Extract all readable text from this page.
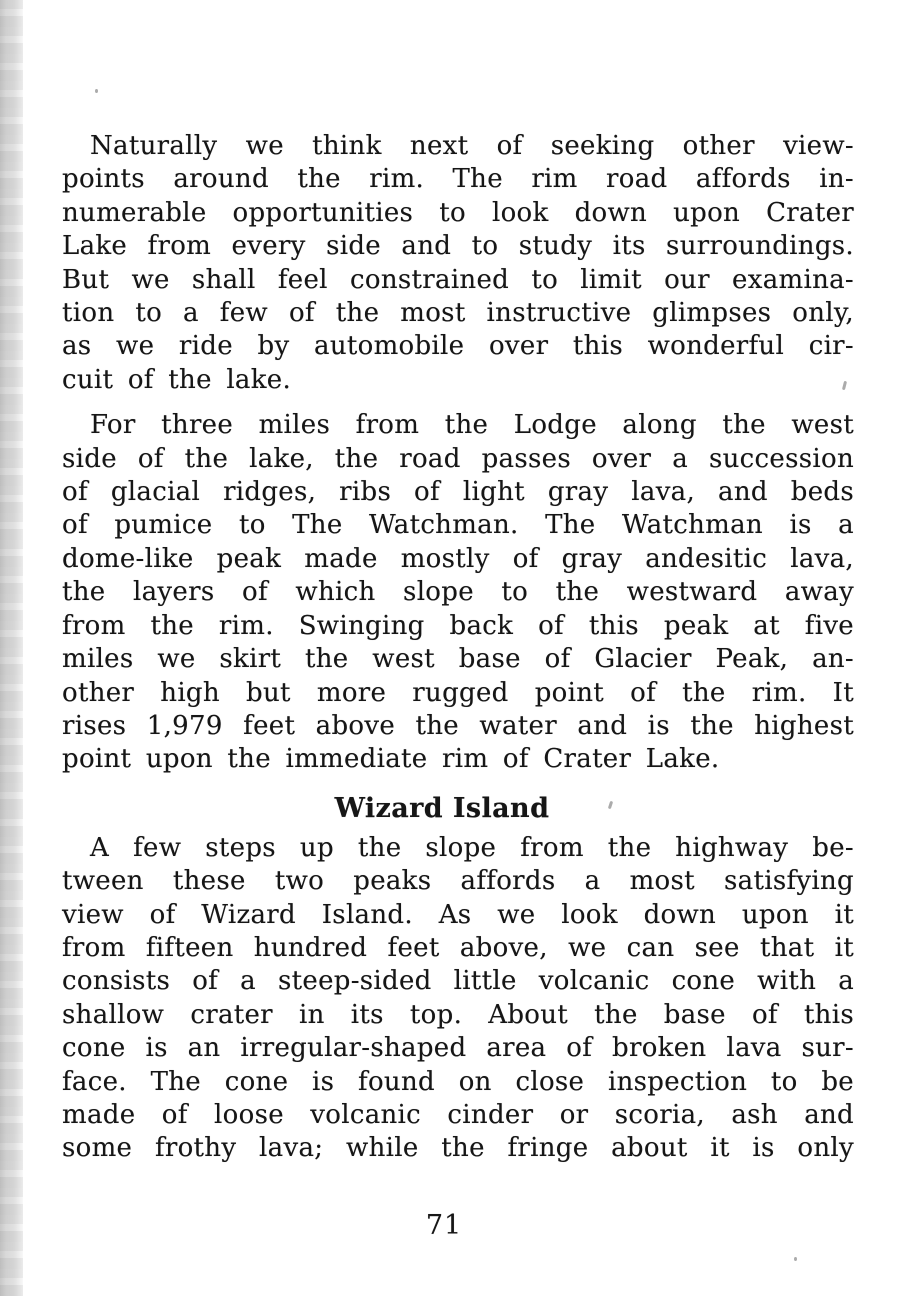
Naturally we think next of seeking other view-
points around the rim. The rim road affords in-
numerable opportunities to look down upon Crater
Lake from every side and to study its surroundings.
But we shall feel constrained to limit our examina-
tion to a few of the most instructive glimpses only,
as we ride by automobile over this wonderful cir-
cuit of the lake.
For three miles from the Lodge along the west
side of the lake, the road passes over a succession
of glacial ridges, ribs of light gray lava, and beds
of pumice to The Watchman. The Watchman is a
dome-like peak made mostly of gray andesitic lava,
the layers of which slope to the westward away
from the rim. Swinging back of this peak at five
miles we skirt the west base of Glacier Peak, an-
other high but more rugged point of the rim. It
rises 1,979 feet above the water and is the highest
point upon the immediate rim of Crater Lake.
Wizard Island
A few steps up the slope from the highway be-
tween these two peaks affords a most satisfying
view of Wizard Island. As we look down upon it
from fifteen hundred feet above, we can see that it
consists of a steep-sided little volcanic cone with a
shallow crater in its top. About the base of this
cone is an irregular-shaped area of broken lava sur-
face. The cone is found on close inspection to be
made of loose volcanic cinder or scoria, ash and
some frothy lava; while the fringe about it is only
71
